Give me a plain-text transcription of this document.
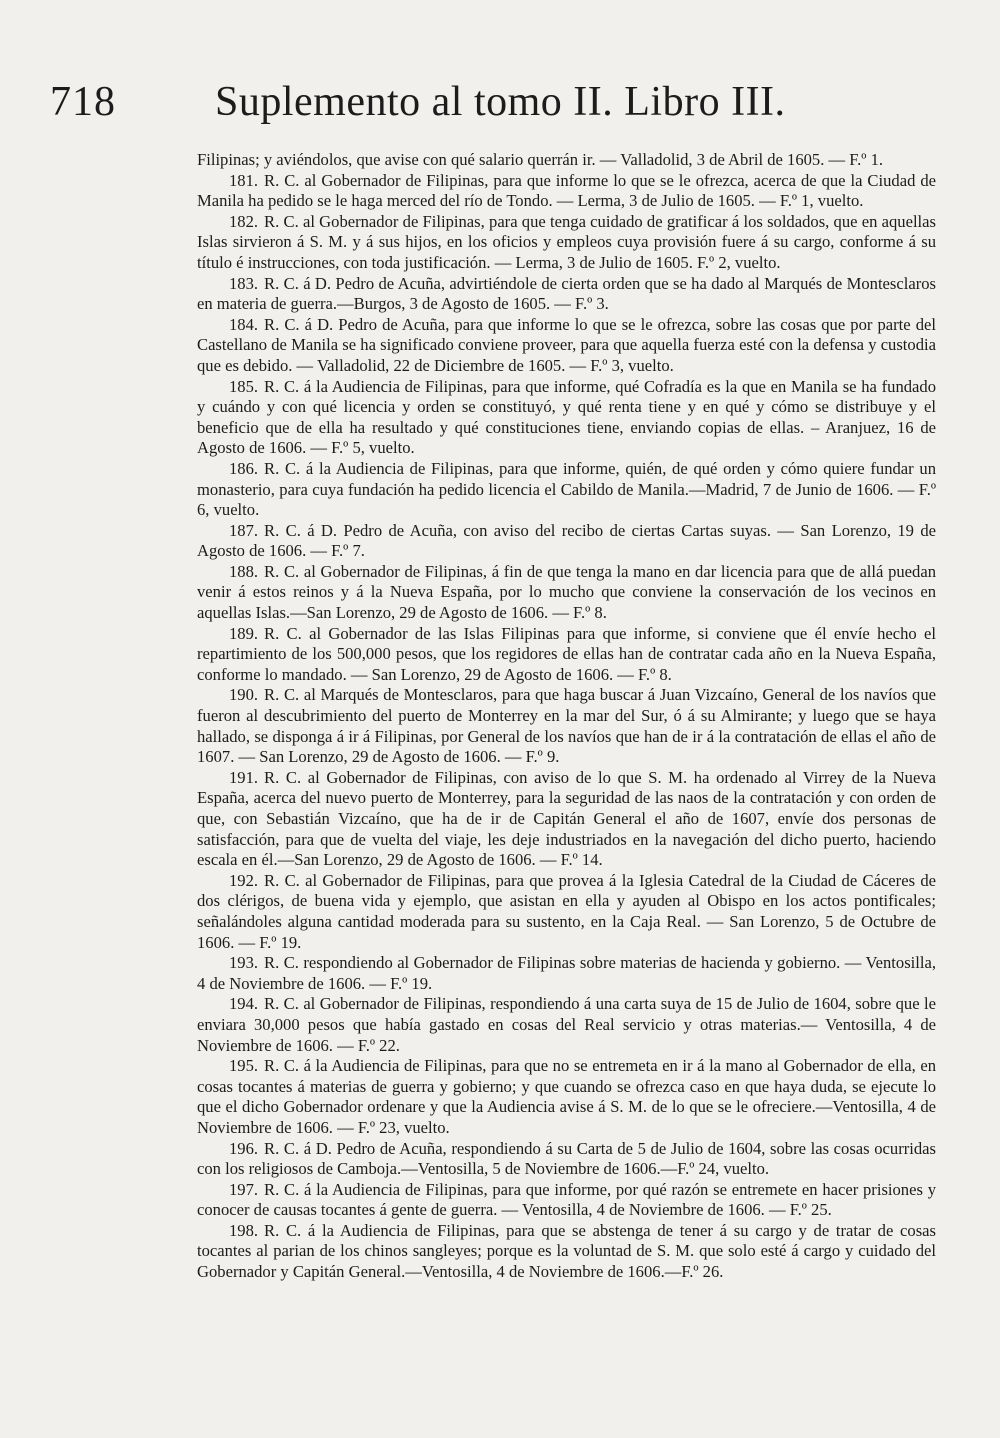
718	Suplemento al tomo II. Libro III.

Filipinas; y aviéndolos, que avise con qué salario querrán ir. — Valladolid, 3 de Abril de 1605. — F.º 1.

181. R. C. al Gobernador de Filipinas, para que informe lo que se le ofrezca, acerca de que la Ciudad de Manila ha pedido se le haga merced del río de Tondo. — Lerma, 3 de Julio de 1605. — F.º 1, vuelto.

182. R. C. al Gobernador de Filipinas, para que tenga cuidado de gratificar á los soldados, que en aquellas Islas sirvieron á S. M. y á sus hijos, en los oficios y empleos cuya provisión fuere á su cargo, conforme á su título é instrucciones, con toda justificación. — Lerma, 3 de Julio de 1605. F.º 2, vuelto.

183. R. C. á D. Pedro de Acuña, advirtiéndole de cierta orden que se ha dado al Marqués de Montesclaros en materia de guerra.—Burgos, 3 de Agosto de 1605. — F.º 3.

184. R. C. á D. Pedro de Acuña, para que informe lo que se le ofrezca, sobre las cosas que por parte del Castellano de Manila se ha significado conviene proveer, para que aquella fuerza esté con la defensa y custodia que es debido. — Valladolid, 22 de Diciembre de 1605. — F.º 3, vuelto.

185. R. C. á la Audiencia de Filipinas, para que informe, qué Cofradía es la que en Manila se ha fundado y cuándo y con qué licencia y orden se constituyó, y qué renta tiene y en qué y cómo se distribuye y el beneficio que de ella ha resultado y qué constituciones tiene, enviando copias de ellas. – Aranjuez, 16 de Agosto de 1606. — F.º 5, vuelto.

186. R. C. á la Audiencia de Filipinas, para que informe, quién, de qué orden y cómo quiere fundar un monasterio, para cuya fundación ha pedido licencia el Cabildo de Manila.—Madrid, 7 de Junio de 1606. — F.º 6, vuelto.

187. R. C. á D. Pedro de Acuña, con aviso del recibo de ciertas Cartas suyas. — San Lorenzo, 19 de Agosto de 1606. — F.º 7.

188. R. C. al Gobernador de Filipinas, á fin de que tenga la mano en dar licencia para que de allá puedan venir á estos reinos y á la Nueva España, por lo mucho que conviene la conservación de los vecinos en aquellas Islas.—San Lorenzo, 29 de Agosto de 1606. — F.º 8.

189. R. C. al Gobernador de las Islas Filipinas para que informe, si conviene que él envíe hecho el repartimiento de los 500,000 pesos, que los regidores de ellas han de contratar cada año en la Nueva España, conforme lo mandado. — San Lorenzo, 29 de Agosto de 1606. — F.º 8.

190. R. C. al Marqués de Montesclaros, para que haga buscar á Juan Vizcaíno, General de los navíos que fueron al descubrimiento del puerto de Monterrey en la mar del Sur, ó á su Almirante; y luego que se haya hallado, se disponga á ir á Filipinas, por General de los navíos que han de ir á la contratación de ellas el año de 1607. — San Lorenzo, 29 de Agosto de 1606. — F.º 9.

191. R. C. al Gobernador de Filipinas, con aviso de lo que S. M. ha ordenado al Virrey de la Nueva España, acerca del nuevo puerto de Monterrey, para la seguridad de las naos de la contratación y con orden de que, con Sebastián Vizcaíno, que ha de ir de Capitán General el año de 1607, envíe dos personas de satisfacción, para que de vuelta del viaje, les deje industriados en la navegación del dicho puerto, haciendo escala en él.—San Lorenzo, 29 de Agosto de 1606. — F.º 14.

192. R. C. al Gobernador de Filipinas, para que provea á la Iglesia Catedral de la Ciudad de Cáceres de dos clérigos, de buena vida y ejemplo, que asistan en ella y ayuden al Obispo en los actos pontificales; señalándoles alguna cantidad moderada para su sustento, en la Caja Real. — San Lorenzo, 5 de Octubre de 1606. — F.º 19.

193. R. C. respondiendo al Gobernador de Filipinas sobre materias de hacienda y gobierno. — Ventosilla, 4 de Noviembre de 1606. — F.º 19.

194. R. C. al Gobernador de Filipinas, respondiendo á una carta suya de 15 de Julio de 1604, sobre que le enviara 30,000 pesos que había gastado en cosas del Real servicio y otras materias.— Ventosilla, 4 de Noviembre de 1606. — F.º 22.

195. R. C. á la Audiencia de Filipinas, para que no se entremeta en ir á la mano al Gobernador de ella, en cosas tocantes á materias de guerra y gobierno; y que cuando se ofrezca caso en que haya duda, se ejecute lo que el dicho Gobernador ordenare y que la Audiencia avise á S. M. de lo que se le ofreciere.—Ventosilla, 4 de Noviembre de 1606. — F.º 23, vuelto.

196. R. C. á D. Pedro de Acuña, respondiendo á su Carta de 5 de Julio de 1604, sobre las cosas ocurridas con los religiosos de Camboja.—Ventosilla, 5 de Noviembre de 1606.—F.º 24, vuelto.

197. R. C. á la Audiencia de Filipinas, para que informe, por qué razón se entremete en hacer prisiones y conocer de causas tocantes á gente de guerra. — Ventosilla, 4 de Noviembre de 1606. — F.º 25.

198. R. C. á la Audiencia de Filipinas, para que se abstenga de tener á su cargo y de tratar de cosas tocantes al parian de los chinos sangleyes; porque es la voluntad de S. M. que solo esté á cargo y cuidado del Gobernador y Capitán General.—Ventosilla, 4 de Noviembre de 1606.—F.º 26.
